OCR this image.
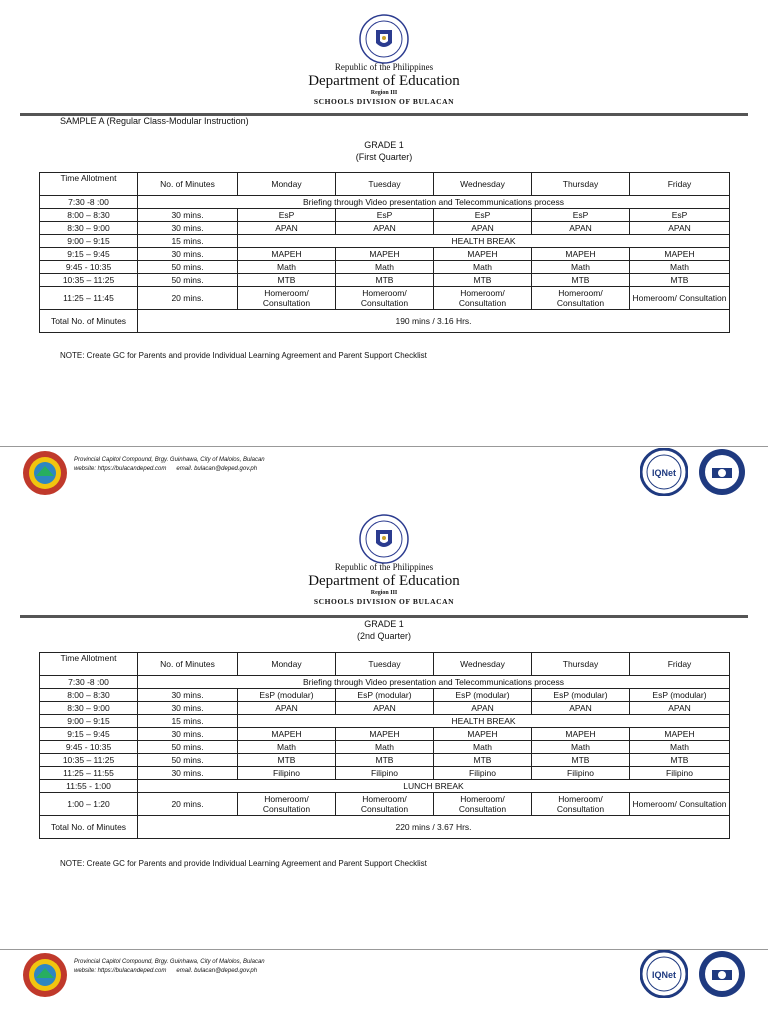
Republic of the Philippines
Department of Education
Region III
SCHOOLS DIVISION OF BULACAN
SAMPLE A (Regular Class-Modular Instruction)
GRADE 1
(First Quarter)
Time Allotment	No. of Minutes	Monday	Tuesday	Wednesday	Thursday	Friday
7:30 -8 :00	Briefing through Video presentation and Telecommunications process					
8:00 – 8:30	30 mins.	EsP	EsP	EsP	EsP	EsP
8:30 – 9:00	30 mins.	APAN	APAN	APAN	APAN	APAN
9:00 – 9:15	15 mins.	HEALTH BREAK				
9:15 – 9:45	30 mins.	MAPEH	MAPEH	MAPEH	MAPEH	MAPEH
9:45 - 10:35	50 mins.	Math	Math	Math	Math	Math
10:35 – 11:25	50 mins.	MTB	MTB	MTB	MTB	MTB
11:25 – 11:45	20 mins.	Homeroom/ Consultation	Homeroom/ Consultation	Homeroom/ Consultation	Homeroom/ Consultation	Homeroom/ Consultation
Total No. of Minutes	190 mins / 3.16 Hrs.					
NOTE: Create GC for Parents and provide Individual Learning Agreement and Parent Support Checklist
Provincial Capitol Compound, Brgy. Guinhawa, City of Malolos, Bulacan
website: https://bulacandeped.com email. bulacan@deped.gov.ph	IQNet
Republic of the Philippines
Department of Education
Region III
SCHOOLS DIVISION OF BULACAN
GRADE 1
(2nd Quarter)
Time Allotment	No. of Minutes	Monday	Tuesday	Wednesday	Thursday	Friday
7:30 -8 :00	Briefing through Video presentation and Telecommunications process					
8:00 – 8:30	30 mins.	EsP (modular)	EsP (modular)	EsP (modular)	EsP (modular)	EsP (modular)
8:30 – 9:00	30 mins.	APAN	APAN	APAN	APAN	APAN
9:00 – 9:15	15 mins.	HEALTH BREAK				
9:15 – 9:45	30 mins.	MAPEH	MAPEH	MAPEH	MAPEH	MAPEH
9:45 - 10:35	50 mins.	Math	Math	Math	Math	Math
10:35 – 11:25	50 mins.	MTB	MTB	MTB	MTB	MTB
11:25 – 11:55	30 mins.	Filipino	Filipino	Filipino	Filipino	Filipino
11:55 - 1:00	LUNCH BREAK					
1:00 – 1:20	20 mins.	Homeroom/ Consultation	Homeroom/ Consultation	Homeroom/ Consultation	Homeroom/ Consultation	Homeroom/ Consultation
Total No. of Minutes	220 mins / 3.67 Hrs.					
NOTE: Create GC for Parents and provide Individual Learning Agreement and Parent Support Checklist
Provincial Capitol Compound, Brgy. Guinhawa, City of Malolos, Bulacan
website: https://bulacandeped.com email. bulacan@deped.gov.ph	IQNet
